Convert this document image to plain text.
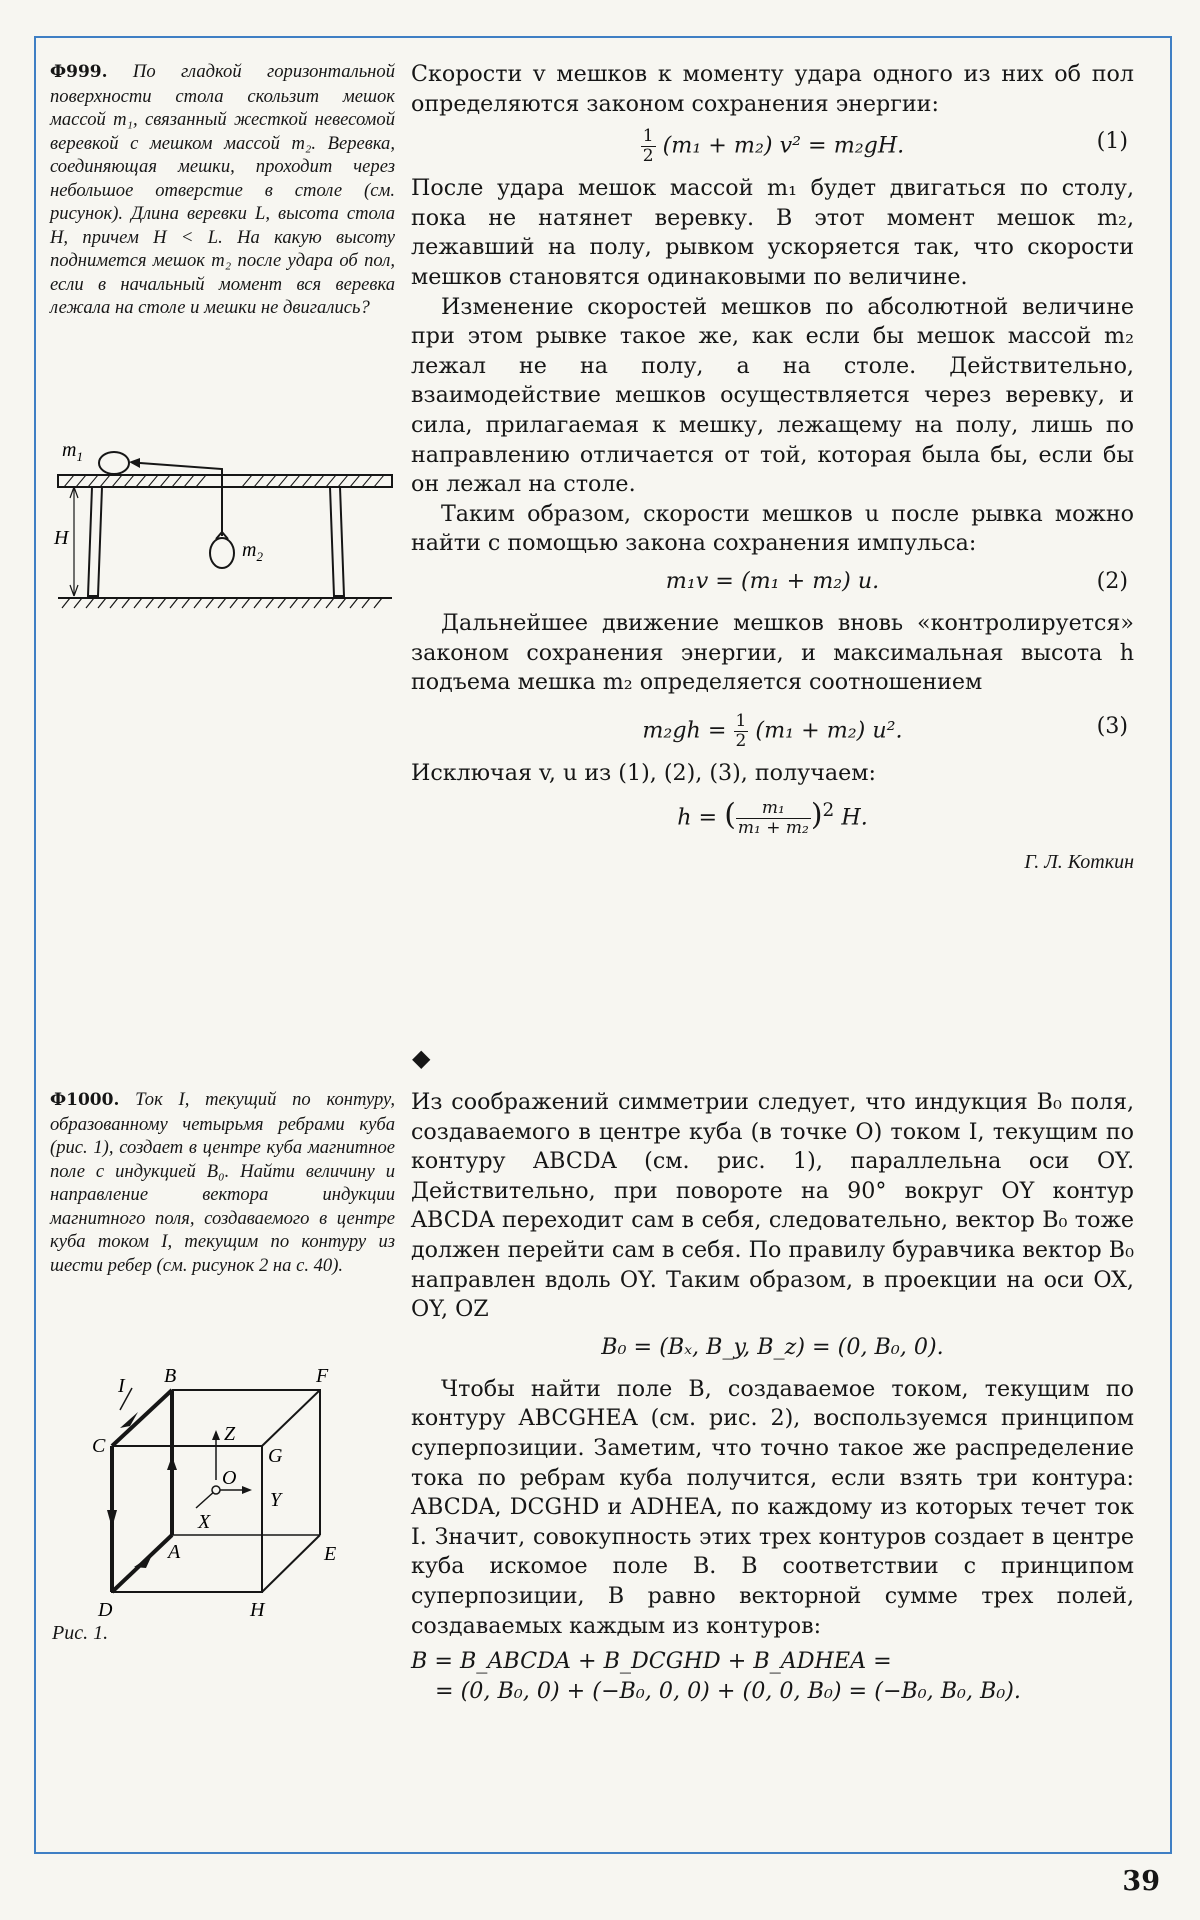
Ф999. По гладкой горизонтальной поверхности стола скользит мешок массой m₁, связанный жесткой невесомой веревкой с мешком массой m₂. Веревка, соединяющая мешки, проходит через небольшое отверстие в столе (см. рисунок). Длина веревки L, высота стола H, причем H < L. На какую высоту поднимется мешок m₂ после удара об пол, если в начальный момент вся веревка лежала на столе и мешки не двигались?

H
$m_1$
$m_2$

Скорости v мешков к моменту удара одного из них об пол определяются законом сохранения энергии:

$\frac{1}{2} (m_1 + m_2) v^2 = m_2gH$.	(1)

После удара мешок массой m₁ будет двигаться по столу, пока не натянет веревку. В этот момент мешок m₂, лежавший на полу, рывком ускоряется так, что скорости мешков становятся одинаковыми по величине.

Изменение скоростей мешков по абсолютной величине при этом рывке такое же, как если бы мешок массой m₂ лежал не на полу, а на столе. Действительно, взаимодействие мешков осуществляется через веревку, и сила, прилагаемая к мешку, лежащему на полу, лишь по направлению отличается от той, которая была бы, если бы он лежал на столе.

Таким образом, скорости мешков u после рывка можно найти с помощью закона сохранения импульса:

m₁v = (m₁ + m₂) u.	(2)

Дальнейшее движение мешков вновь «контролируется» законом сохранения энергии, и максимальная высота h подъема мешка m₂ определяется соотношением

$m_2gh = \frac{1}{2} (m_1 + m_2)$ u².	(3)

Исключая v, u из (1), (2), (3), получаем:

h = ( $\frac{\text{m₁}}{\text{m₁ + m₂}} )^2$ H.
Г. Л. Коткин
◆

Ф1000. Ток I, текущий по контуру, образованному четырьмя ребрами куба (рис. 1), создает в центре куба магнитное поле с индукцией B₀. Найти величину и направление вектора индукции магнитного поля, создаваемого в центре куба током I, текущим по контуру из шести ребер (см. рисунок 2 на с. 40).

B	F
C	G
A	E
D	H
I
Z
O
Y
X
Рис. 1.

Из соображений симметрии следует, что индукция B₀ поля, создаваемого в центре куба (в точке O) током I, текущим по контуру ABCDA (см. рис. 1), параллельна оси OY. Действительно, при повороте на 90° вокруг OY контур ABCDA переходит сам в себя, следовательно, вектор B₀ тоже должен перейти сам в себя. По правилу буравчика вектор B₀ направлен вдоль OY. Таким образом, в проекции на оси OX, OY, OZ

B₀ = (Bₓ, B_y, B_z) = (0, B₀, 0).

Чтобы найти поле B, создаваемое током, текущим по контуру ABCGHEA (см. рис. 2), воспользуемся принципом суперпозиции. Заметим, что точно такое же распределение тока по ребрам куба получится, если взять три контура: ABCDA, DCGHD и ADHEA, по каждому из которых течет ток I. Значит, совокупность этих трех контуров создает в центре куба искомое поле B. В соответствии с принципом суперпозиции, B равно векторной сумме трех полей, создаваемых каждым из контуров:

B = B_ABCDA + B_DCGHD + B_ADHEA =
= (0, B₀, 0) + (−B₀, 0, 0) + (0, 0, B₀) = (−B₀, B₀, B₀).
39
